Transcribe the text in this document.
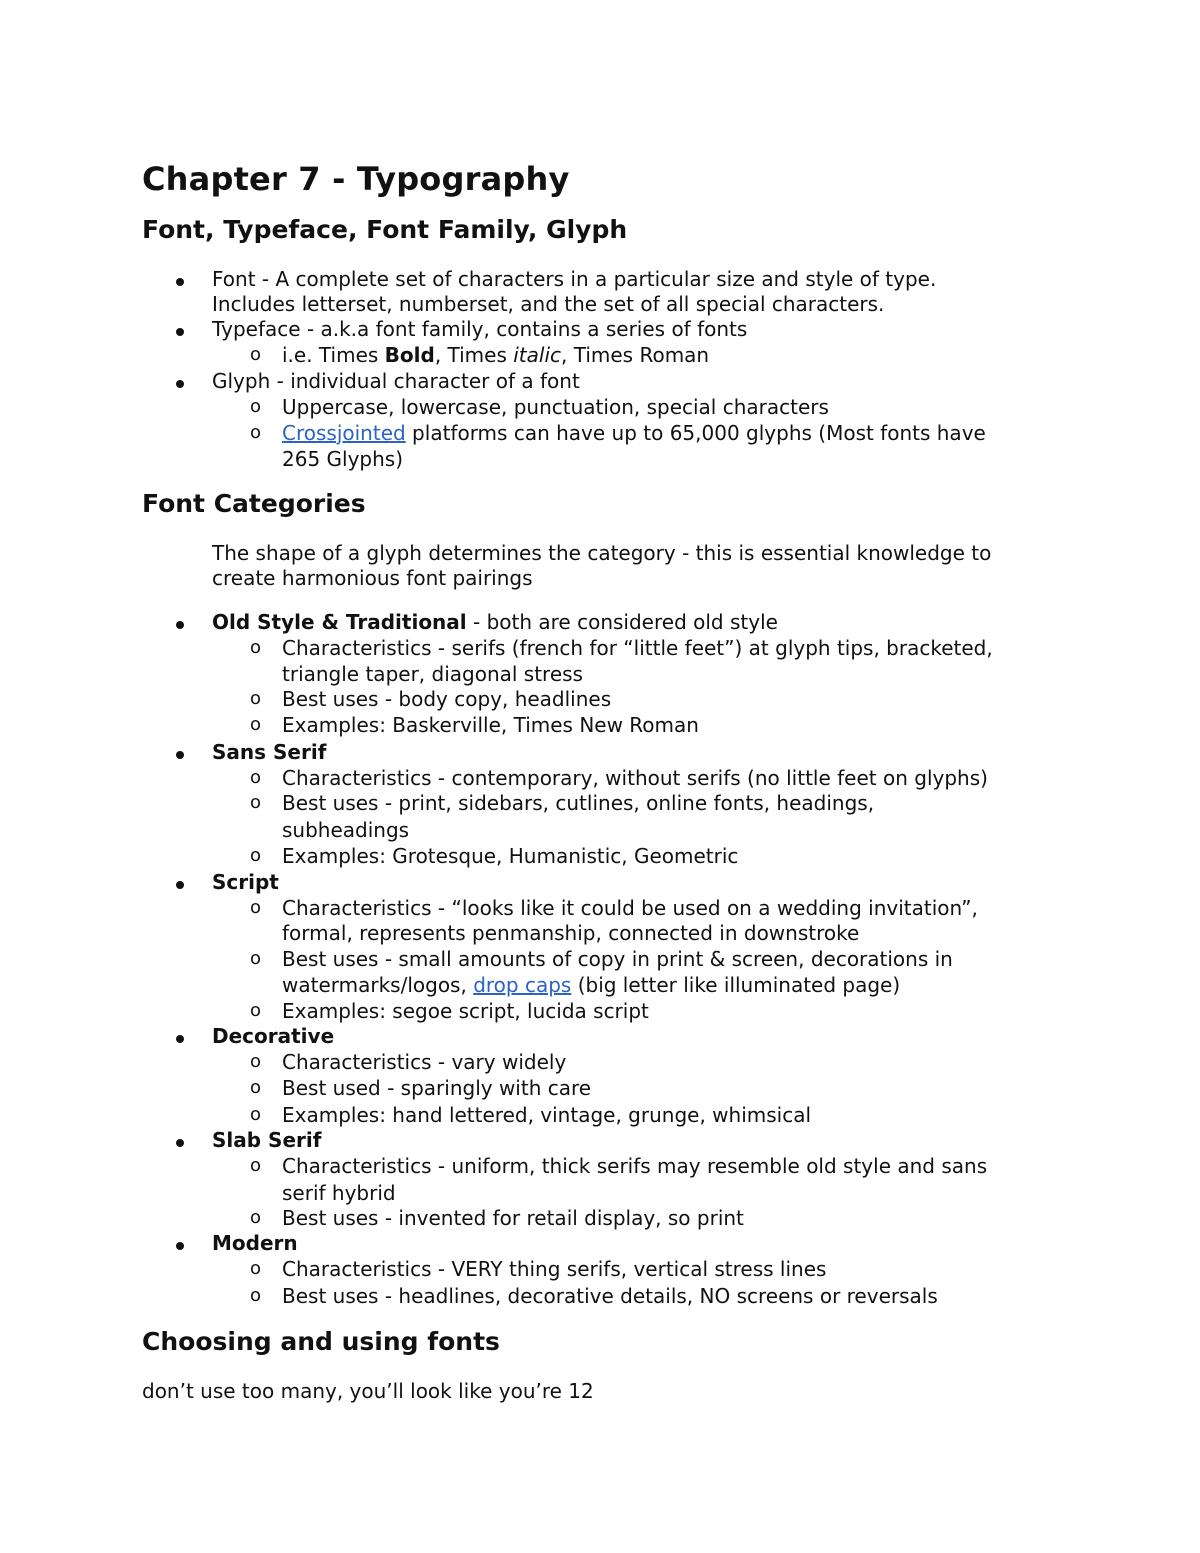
Chapter 7 - Typography
Font, Typeface, Font Family, Glyph
Font - A complete set of characters in a particular size and style of type.
Includes letterset, numberset, and the set of all special characters.
Typeface - a.k.a font family, contains a series of fonts
o i.e. Times Bold, Times italic, Times Roman
Glyph - individual character of a font
o Uppercase, lowercase, punctuation, special characters
o Crossjointed platforms can have up to 65,000 glyphs (Most fonts have
265 Glyphs)
Font Categories
The shape of a glyph determines the category - this is essential knowledge to
create harmonious font pairings
Old Style & Traditional - both are considered old style
o Characteristics - serifs (french for “little feet”) at glyph tips, bracketed,
triangle taper, diagonal stress
o Best uses - body copy, headlines
o Examples: Baskerville, Times New Roman
Sans Serif
o Characteristics - contemporary, without serifs (no little feet on glyphs)
o Best uses - print, sidebars, cutlines, online fonts, headings,
subheadings
o Examples: Grotesque, Humanistic, Geometric
Script
o Characteristics - “looks like it could be used on a wedding invitation”,
formal, represents penmanship, connected in downstroke
o Best uses - small amounts of copy in print & screen, decorations in
watermarks/logos, drop caps (big letter like illuminated page)
o Examples: segoe script, lucida script
Decorative
o Characteristics - vary widely
o Best used - sparingly with care
o Examples: hand lettered, vintage, grunge, whimsical
Slab Serif
o Characteristics - uniform, thick serifs may resemble old style and sans
serif hybrid
o Best uses - invented for retail display, so print
Modern
o Characteristics - VERY thing serifs, vertical stress lines
o Best uses - headlines, decorative details, NO screens or reversals
Choosing and using fonts
don’t use too many, you’ll look like you’re 12
